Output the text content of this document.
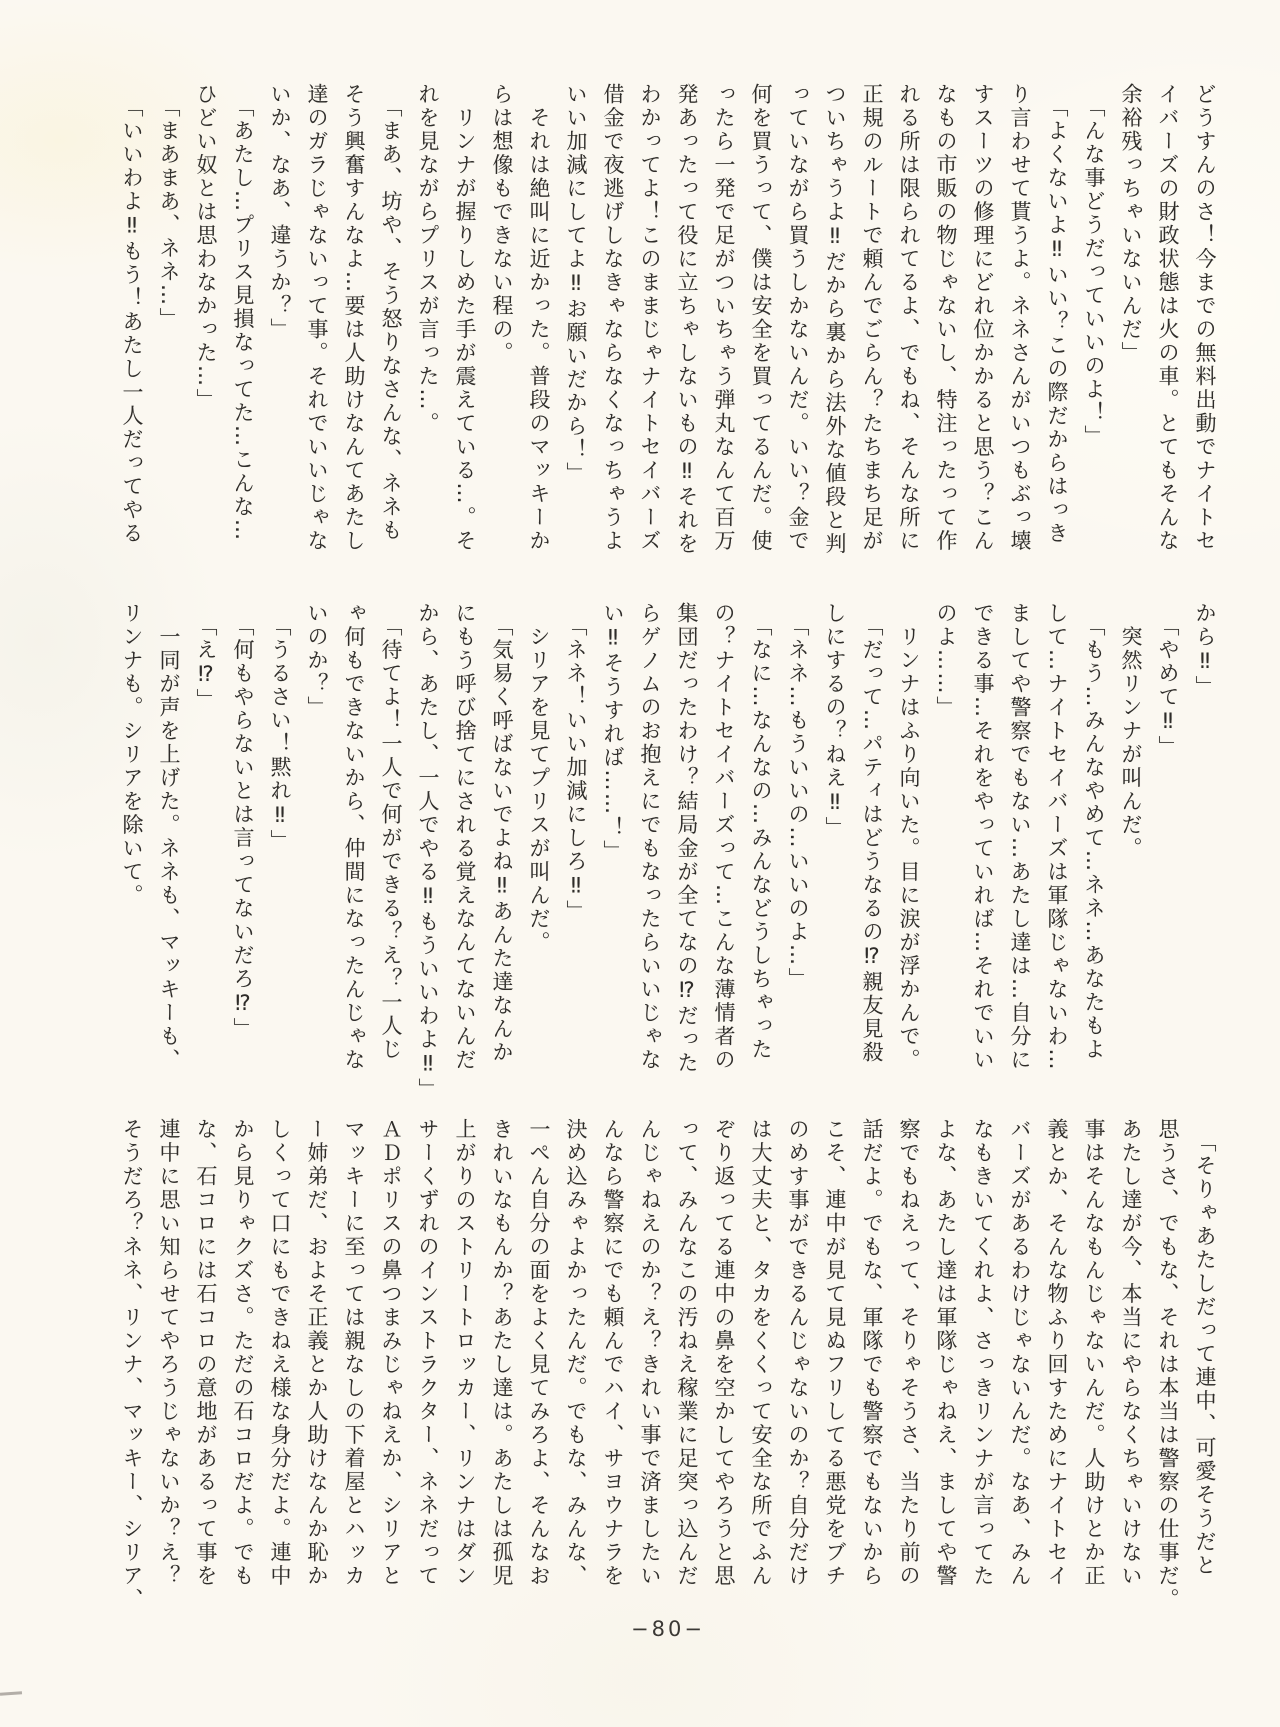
どうすんのさ！今までの無料出動でナイトセ

イバーズの財政状態は火の車。とてもそんな

余裕残っちゃいないんだ」

　「んな事どうだっていいのよ！」

　「よくないよ‼いい？この際だからはっき

り言わせて貰うよ。ネネさんがいつもぶっ壊

すスーツの修理にどれ位かかると思う？こん

なもの市販の物じゃないし、特注ったって作

れる所は限られてるよ、でもね、そんな所に

正規のルートで頼んでごらん？たちまち足が

ついちゃうよ‼だから裏から法外な値段と判

っていながら買うしかないんだ。いい？金で

何を買うって、僕は安全を買ってるんだ。使

ったら一発で足がついちゃう弾丸なんて百万

発あったって役に立ちゃしないもの‼それを

わかってよ！このままじゃナイトセイバーズ

借金で夜逃げしなきゃならなくなっちゃうよ

いい加減にしてよ‼お願いだから！」

　それは絶叫に近かった。普段のマッキーか

らは想像もできない程の。

　リンナが握りしめた手が震えている…。そ

れを見ながらプリスが言った…。

　「まあ、坊や、そう怒りなさんな、ネネも

そう興奮すんなよ…要は人助けなんてあたし

達のガラじゃないって事。それでいいじゃな

いか、なあ、違うか？」

　「あたし…プリス見損なってた…こんな…

ひどい奴とは思わなかった…」

　「まあまあ、ネネ…」

　「いいわよ‼もう！あたし一人だってやる

から‼」

　「やめて‼」

　突然リンナが叫んだ。

　「もう…みんなやめて…ネネ…あなたもよ

して…ナイトセイバーズは軍隊じゃないわ…

ましてや警察でもない…あたし達は…自分に

できる事…それをやっていれば…それでいい

のよ……」

　リンナはふり向いた。目に涙が浮かんで。

　「だって…パティはどうなるの⁉親友見殺

しにするの？ねえ‼」

　「ネネ…もういいの…いいのよ…」

　「なに…なんなの…みんなどうしちゃった

の？ナイトセイバーズって…こんな薄情者の

集団だったわけ？結局金が全てなの⁉だった

らゲノムのお抱えにでもなったらいいじゃな

い‼そうすれば……！」

　「ネネ！いい加減にしろ‼」

　シリアを見てプリスが叫んだ。

　「気易く呼ばないでよね‼あんた達なんか

にもう呼び捨てにされる覚えなんてないんだ

から、あたし、一人でやる‼もういいわよ‼」

　「待てよ！一人で何ができる？え？一人じ

ゃ何もできないから、仲間になったんじゃな

いのか？」

　「うるさい！黙れ‼」

　「何もやらないとは言ってないだろ⁉」

　「え⁉」

　一同が声を上げた。ネネも、マッキーも、

リンナも。シリアを除いて。

　「そりゃあたしだって連中、可愛そうだと

思うさ、でもな、それは本当は警察の仕事だ。

あたし達が今、本当にやらなくちゃいけない

事はそんなもんじゃないんだ。人助けとか正

義とか、そんな物ふり回すためにナイトセイ

バーズがあるわけじゃないんだ。なあ、みん

なもきいてくれよ、さっきリンナが言ってた

よな、あたし達は軍隊じゃねえ、ましてや警

察でもねえって、そりゃそうさ、当たり前の

話だよ。でもな、軍隊でも警察でもないから

こそ、連中が見て見ぬフリしてる悪党をブチ

のめす事ができるんじゃないのか？自分だけ

は大丈夫と、タカをくくって安全な所でふん

ぞり返ってる連中の鼻を空かしてやろうと思

って、みんなこの汚ねえ稼業に足突っ込んだ

んじゃねえのか？え？きれい事で済ましたい

んなら警察にでも頼んでハイ、サヨウナラを

決め込みゃよかったんだ。でもな、みんな、

一ぺん自分の面をよく見てみろよ、そんなお

きれいなもんか？あたし達は。あたしは孤児

上がりのストリートロッカー、リンナはダン

サーくずれのインストラクター、ネネだって

ＡＤポリスの鼻つまみじゃねえか、シリアと

マッキーに至っては親なしの下着屋とハッカ

ー姉弟だ、およそ正義とか人助けなんか恥か

しくって口にもできねえ様な身分だよ。連中

から見りゃクズさ。ただの石コロだよ。でも

な、石コロには石コロの意地があるって事を

連中に思い知らせてやろうじゃないか？え？

そうだろ？ネネ、リンナ、マッキー、シリア、

−80−
